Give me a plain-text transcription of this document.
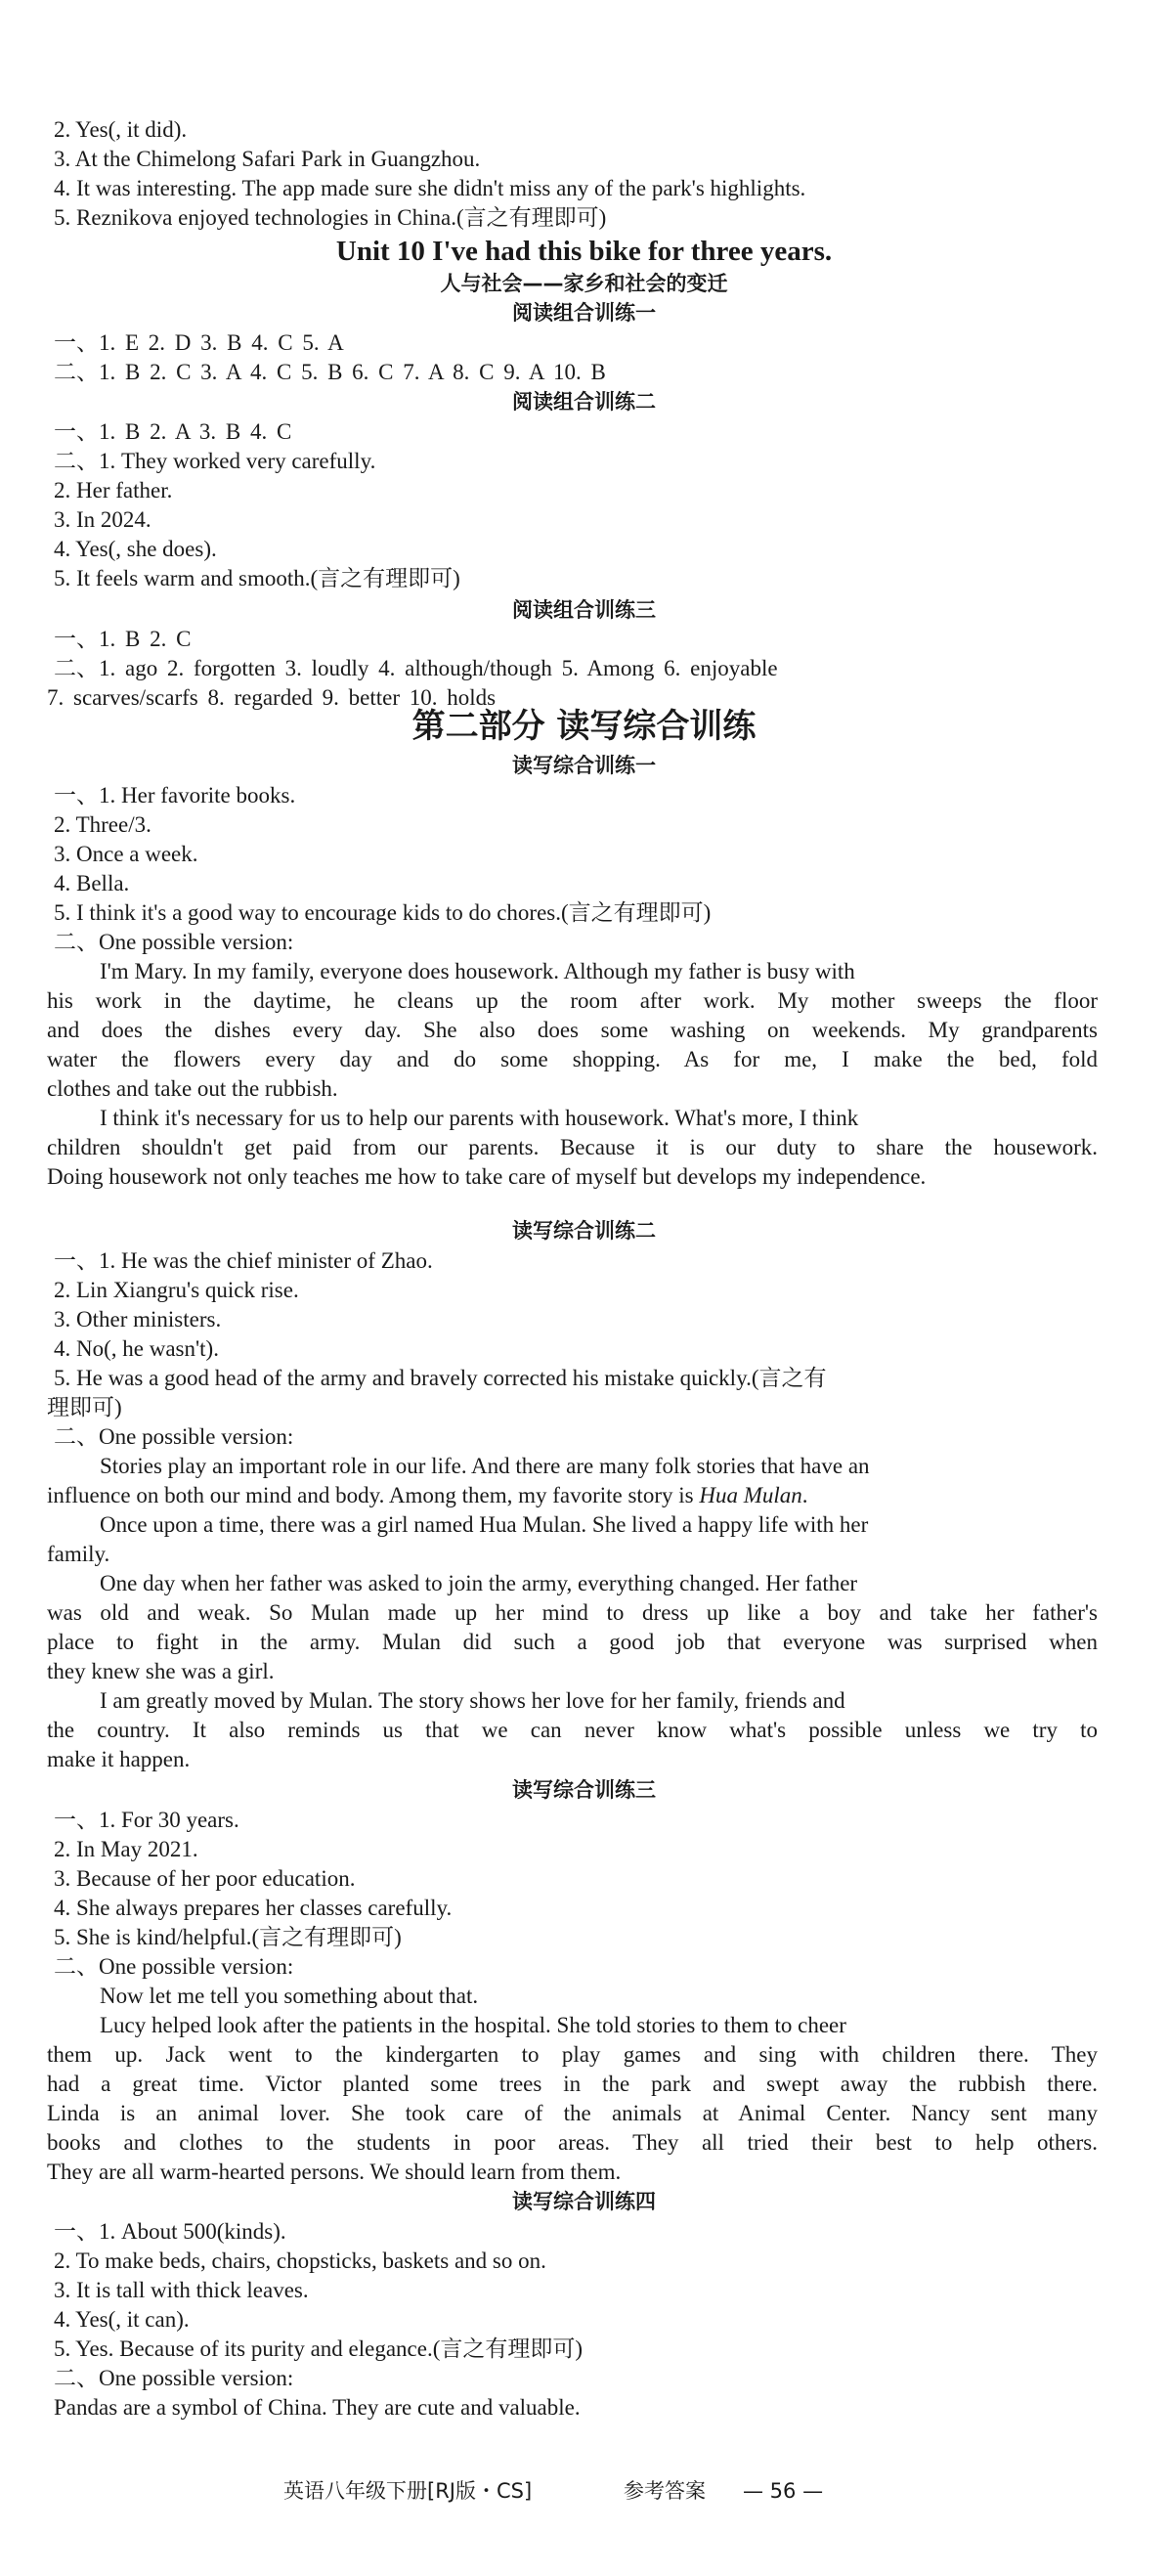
2. Yes(, it did).
3. At the Chimelong Safari Park in Guangzhou.
4. It was interesting. The app made sure she didn't miss any of the park's highlights.
5. Reznikova enjoyed technologies in China.(言之有理即可)
Unit 10 I've had this bike for three years.
人与社会——家乡和社会的变迁
阅读组合训练一
一、1. E 2. D 3. B 4. C 5. A
二、1. B 2. C 3. A 4. C 5. B 6. C 7. A 8. C 9. A 10. B
阅读组合训练二
一、1. B 2. A 3. B 4. C
二、1. They worked very carefully.
2. Her father.
3. In 2024.
4. Yes(, she does).
5. It feels warm and smooth.(言之有理即可)
阅读组合训练三
一、1. B 2. C
二、1. ago 2. forgotten 3. loudly 4. although/though 5. Among 6. enjoyable
7. scarves/scarfs 8. regarded 9. better 10. holds
第二部分 读写综合训练
读写综合训练一
一、1. Her favorite books.
2. Three/3.
3. Once a week.
4. Bella.
5. I think it's a good way to encourage kids to do chores.(言之有理即可)
二、One possible version:
I'm Mary. In my family, everyone does housework. Although my father is busy with
his work in the daytime, he cleans up the room after work. My mother sweeps the floor
and does the dishes every day. She also does some washing on weekends. My grandparents
water the flowers every day and do some shopping. As for me, I make the bed, fold
clothes and take out the rubbish.
I think it's necessary for us to help our parents with housework. What's more, I think
children shouldn't get paid from our parents. Because it is our duty to share the housework.
Doing housework not only teaches me how to take care of myself but develops my independence.
读写综合训练二
一、1. He was the chief minister of Zhao.
2. Lin Xiangru's quick rise.
3. Other ministers.
4. No(, he wasn't).
5. He was a good head of the army and bravely corrected his mistake quickly.(言之有
理即可)
二、One possible version:
Stories play an important role in our life. And there are many folk stories that have an
influence on both our mind and body. Among them, my favorite story is Hua Mulan.
Once upon a time, there was a girl named Hua Mulan. She lived a happy life with her
family.
One day when her father was asked to join the army, everything changed. Her father
was old and weak. So Mulan made up her mind to dress up like a boy and take her father's
place to fight in the army. Mulan did such a good job that everyone was surprised when
they knew she was a girl.
I am greatly moved by Mulan. The story shows her love for her family, friends and
the country. It also reminds us that we can never know what's possible unless we try to
make it happen.
读写综合训练三
一、1. For 30 years.
2. In May 2021.
3. Because of her poor education.
4. She always prepares her classes carefully.
5. She is kind/helpful.(言之有理即可)
二、One possible version:
Now let me tell you something about that.
Lucy helped look after the patients in the hospital. She told stories to them to cheer
them up. Jack went to the kindergarten to play games and sing with children there. They
had a great time. Victor planted some trees in the park and swept away the rubbish there.
Linda is an animal lover. She took care of the animals at Animal Center. Nancy sent many
books and clothes to the students in poor areas. They all tried their best to help others.
They are all warm-hearted persons. We should learn from them.
读写综合训练四
一、1. About 500(kinds).
2. To make beds, chairs, chopsticks, baskets and so on.
3. It is tall with thick leaves.
4. Yes(, it can).
5. Yes. Because of its purity and elegance.(言之有理即可)
二、One possible version:
Pandas are a symbol of China. They are cute and valuable.
英语八年级下册[RJ版・CS]	参考答案 — 56 —
